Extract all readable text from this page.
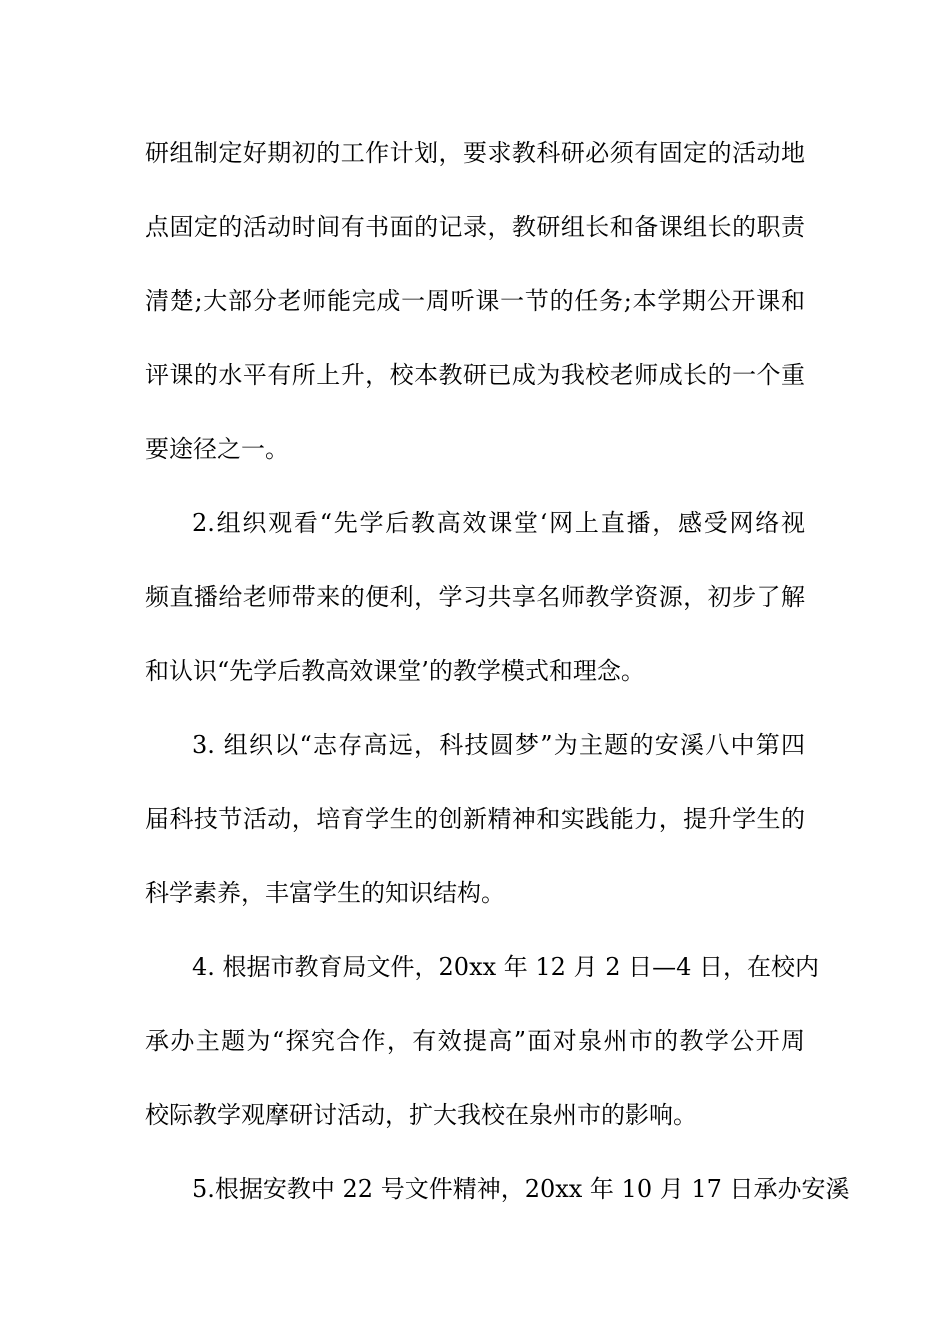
研组制定好期初的工作计划，要求教科研必须有固定的活动地
点固定的活动时间有书面的记录，教研组长和备课组长的职责
清楚;大部分老师能完成一周听课一节的任务;本学期公开课和
评课的水平有所上升，校本教研已成为我校老师成长的一个重
要途径之一。
2.组织观看“先学后教高效课堂‘网上直播，感受网络视
频直播给老师带来的便利，学习共享名师教学资源，初步了解
和认识“先学后教高效课堂’的教学模式和理念。
3. 组织以“志存高远，科技圆梦”为主题的安溪八中第四
届科技节活动，培育学生的创新精神和实践能力，提升学生的
科学素养，丰富学生的知识结构。
4. 根据市教育局文件，20xx 年 12 月 2 日—4 日，在校内
承办主题为“探究合作，有效提高”面对泉州市的教学公开周
校际教学观摩研讨活动，扩大我校在泉州市的影响。
5.根据安教中 22 号文件精神，20xx 年 10 月 17 日承办安溪
